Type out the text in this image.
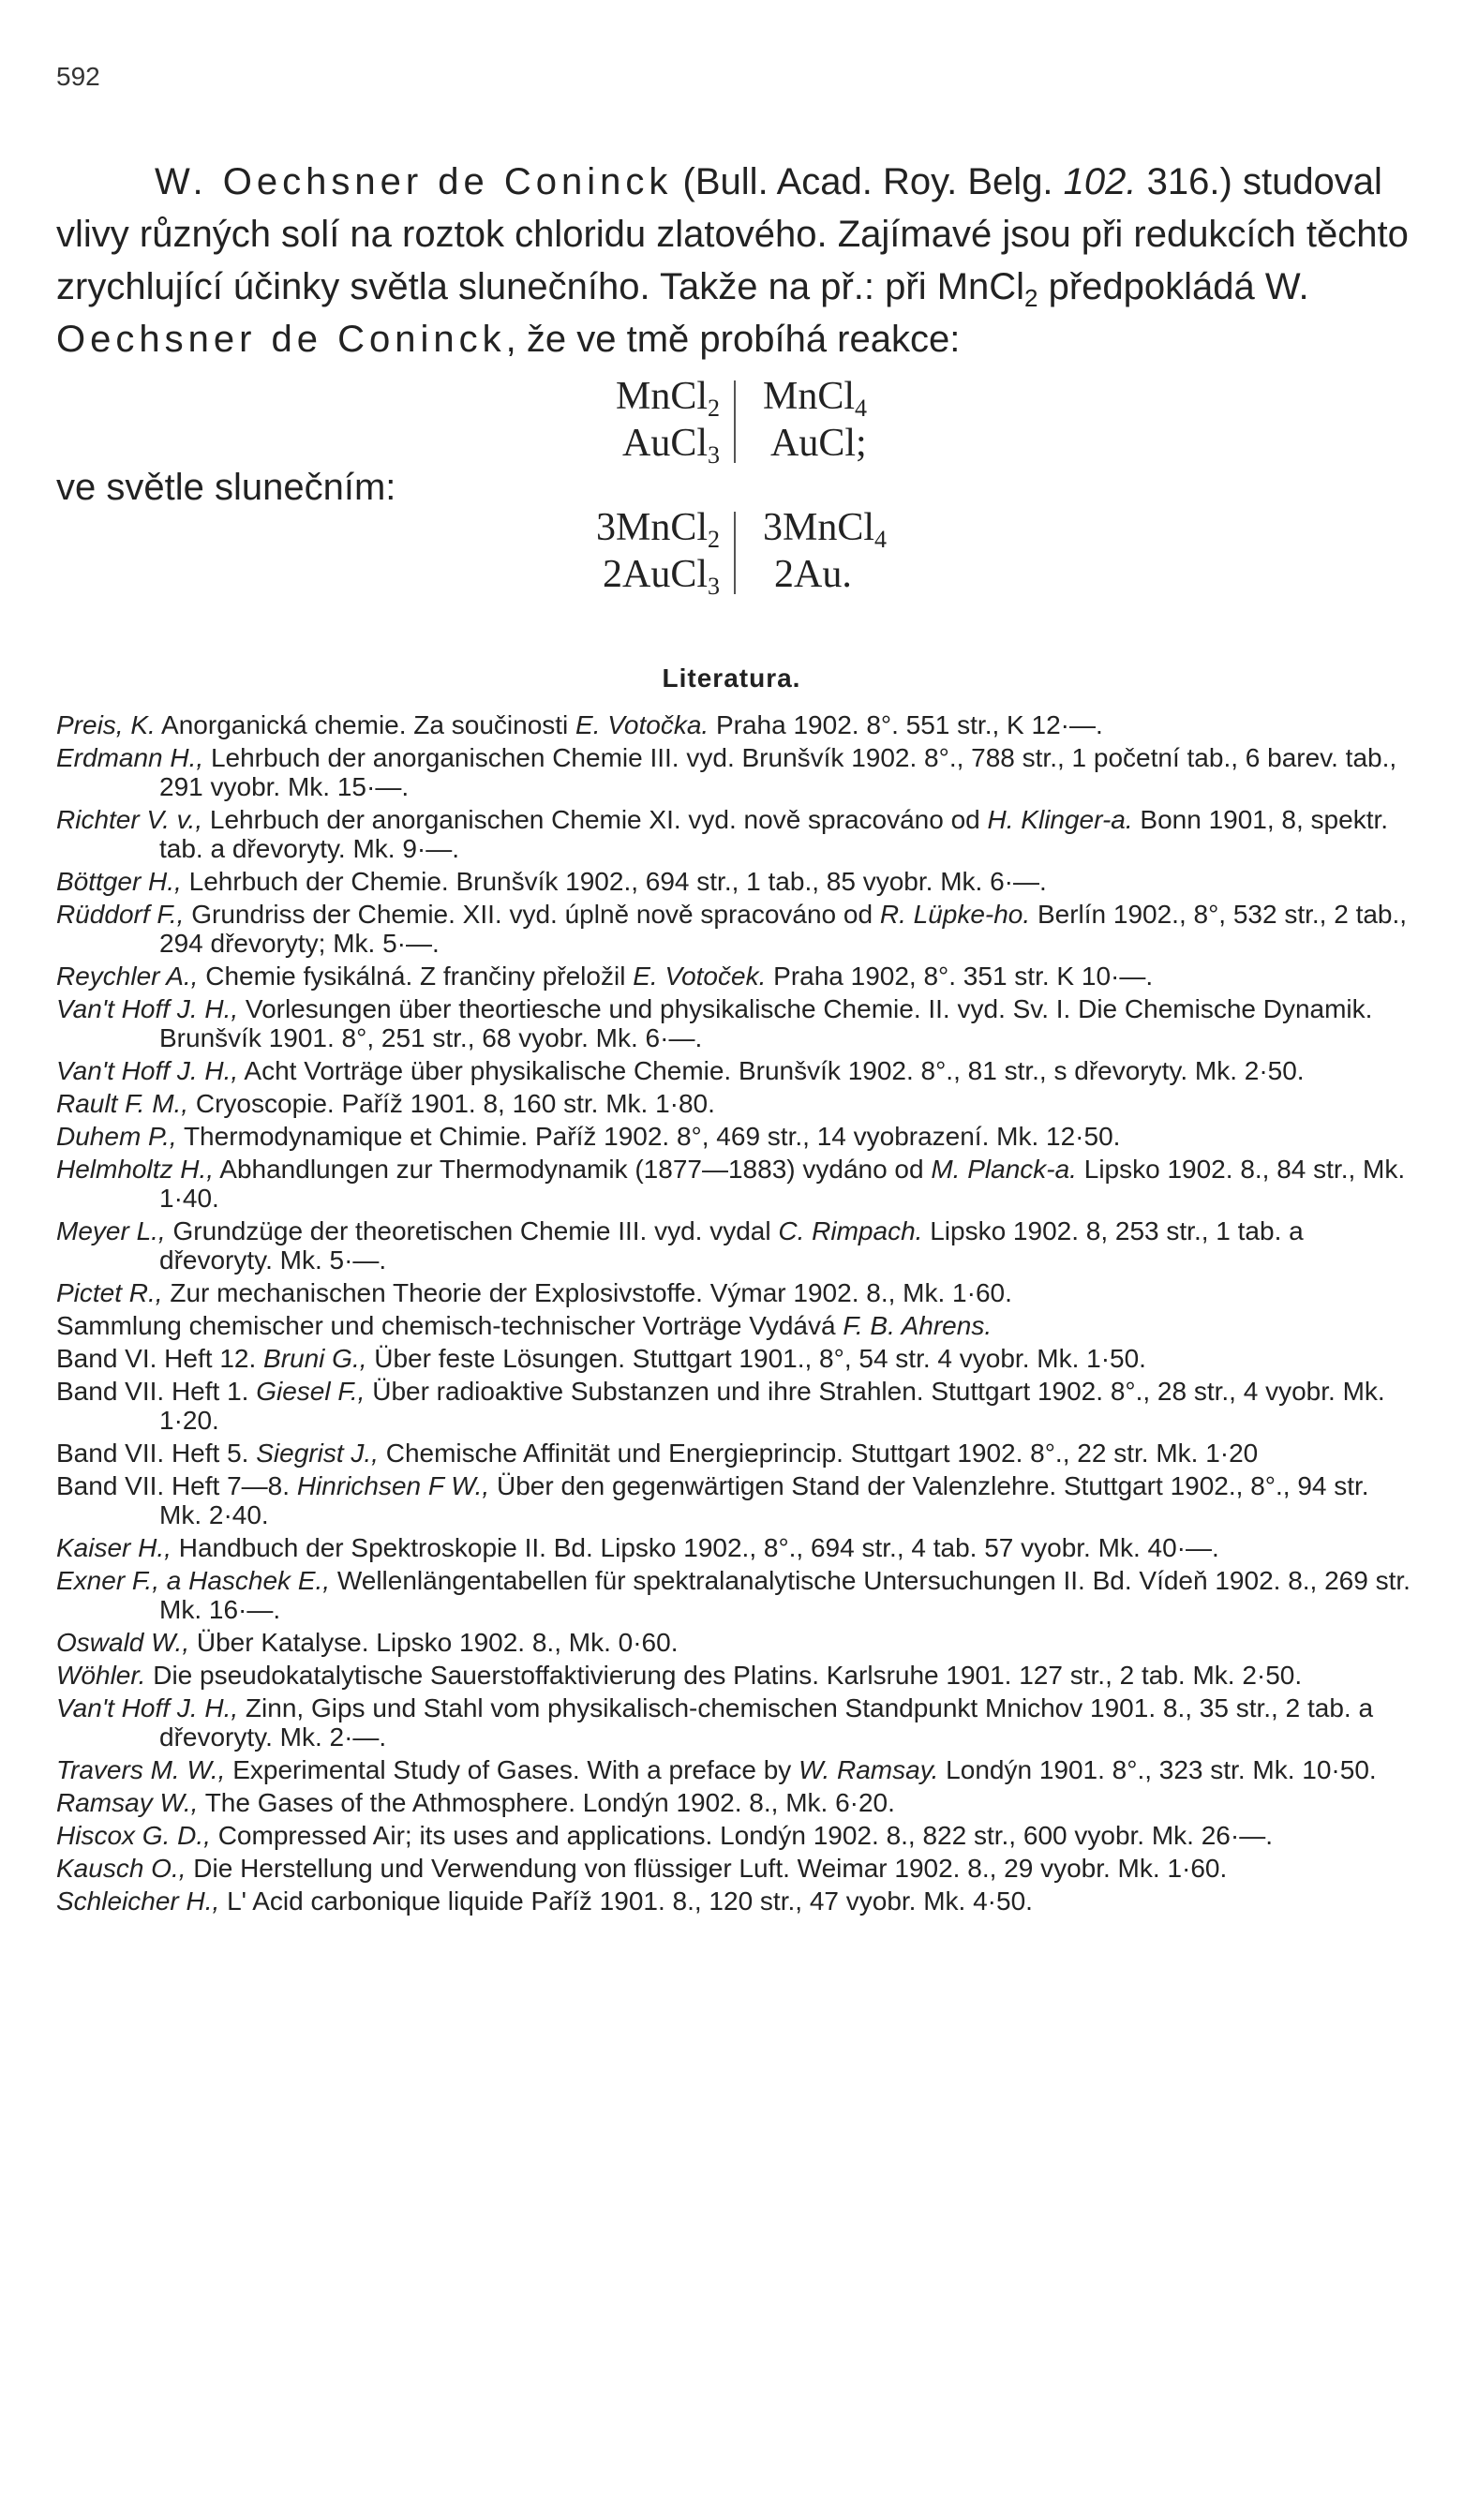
592

W. Oechsner de Coninck (Bull. Acad. Roy. Belg. 102. 316.) studoval vlivy různých solí na roztok chloridu zlatového. Zajímavé jsou při redukcích těchto zrychlující účinky světla slunečního. Takže na př.: při MnCl$_2$ předpokládá W. Oechsner de Coninck, že ve tmě probíhá reakce:

MnCl$_2$
AuCl$_3$
MnCl$_4$
AuCl;
ve světle slunečním:
3MnCl$_2$
2AuCl$_3$
3MnCl$_4$
2Au.
Literatura.
Preis, K. Anorganická chemie. Za součinosti E. Votočka. Praha 1902. 8°. 551 str., K 12·—.
Erdmann H., Lehrbuch der anorganischen Chemie III. vyd. Brunšvík 1902. 8°., 788 str., 1 početní tab., 6 barev. tab., 291 vyobr. Mk. 15·—.
Richter V. v., Lehrbuch der anorganischen Chemie XI. vyd. nově spracováno od H. Klinger-a. Bonn 1901, 8, spektr. tab. a dřevoryty. Mk. 9·—.
Böttger H., Lehrbuch der Chemie. Brunšvík 1902., 694 str., 1 tab., 85 vyobr. Mk. 6·—.
Rüddorf F., Grundriss der Chemie. XII. vyd. úplně nově spracováno od R. Lüpke-ho. Berlín 1902., 8°, 532 str., 2 tab., 294 dřevoryty; Mk. 5·—.
Reychler A., Chemie fysikálná. Z frančiny přeložil E. Votoček. Praha 1902, 8°. 351 str. K 10·—.
Van't Hoff J. H., Vorlesungen über theortiesche und physikalische Chemie. II. vyd. Sv. I. Die Chemische Dynamik. Brunšvík 1901. 8°, 251 str., 68 vyobr. Mk. 6·—.
Van't Hoff J. H., Acht Vorträge über physikalische Chemie. Brunšvík 1902. 8°., 81 str., s dřevoryty. Mk. 2·50.
Rault F. M., Cryoscopie. Paříž 1901. 8, 160 str. Mk. 1·80.
Duhem P., Thermodynamique et Chimie. Paříž 1902. 8°, 469 str., 14 vyobrazení. Mk. 12·50.
Helmholtz H., Abhandlungen zur Thermodynamik (1877—1883) vydáno od M. Planck-a. Lipsko 1902. 8., 84 str., Mk. 1·40.
Meyer L., Grundzüge der theoretischen Chemie III. vyd. vydal C. Rimpach. Lipsko 1902. 8, 253 str., 1 tab. a dřevoryty. Mk. 5·—.
Pictet R., Zur mechanischen Theorie der Explosivstoffe. Výmar 1902. 8., Mk. 1·60.
Sammlung chemischer und chemisch-technischer Vorträge Vydává F. B. Ahrens.
Band VI. Heft 12. Bruni G., Über feste Lösungen. Stuttgart 1901., 8°, 54 str. 4 vyobr. Mk. 1·50.
Band VII. Heft 1. Giesel F., Über radioaktive Substanzen und ihre Strahlen. Stuttgart 1902. 8°., 28 str., 4 vyobr. Mk. 1·20.
Band VII. Heft 5. Siegrist J., Chemische Affinität und Energieprincip. Stuttgart 1902. 8°., 22 str. Mk. 1·20
Band VII. Heft 7—8. Hinrichsen F W., Über den gegenwärtigen Stand der Valenzlehre. Stuttgart 1902., 8°., 94 str. Mk. 2·40.
Kaiser H., Handbuch der Spektroskopie II. Bd. Lipsko 1902., 8°., 694 str., 4 tab. 57 vyobr. Mk. 40·—.
Exner F., a Haschek E., Wellenlängentabellen für spektralanalytische Untersuchungen II. Bd. Vídeň 1902. 8., 269 str. Mk. 16·—.
Oswald W., Über Katalyse. Lipsko 1902. 8., Mk. 0·60.
Wöhler. Die pseudokatalytische Sauerstoffaktivierung des Platins. Karlsruhe 1901. 127 str., 2 tab. Mk. 2·50.
Van't Hoff J. H., Zinn, Gips und Stahl vom physikalisch-chemischen Standpunkt Mnichov 1901. 8., 35 str., 2 tab. a dřevoryty. Mk. 2·—.
Travers M. W., Experimental Study of Gases. With a preface by W. Ramsay. Londýn 1901. 8°., 323 str. Mk. 10·50.
Ramsay W., The Gases of the Athmosphere. Londýn 1902. 8., Mk. 6·20.
Hiscox G. D., Compressed Air; its uses and applications. Londýn 1902. 8., 822 str., 600 vyobr. Mk. 26·—.
Kausch O., Die Herstellung und Verwendung von flüssiger Luft. Weimar 1902. 8., 29 vyobr. Mk. 1·60.
Schleicher H., L' Acid carbonique liquide Paříž 1901. 8., 120 str., 47 vyobr. Mk. 4·50.
